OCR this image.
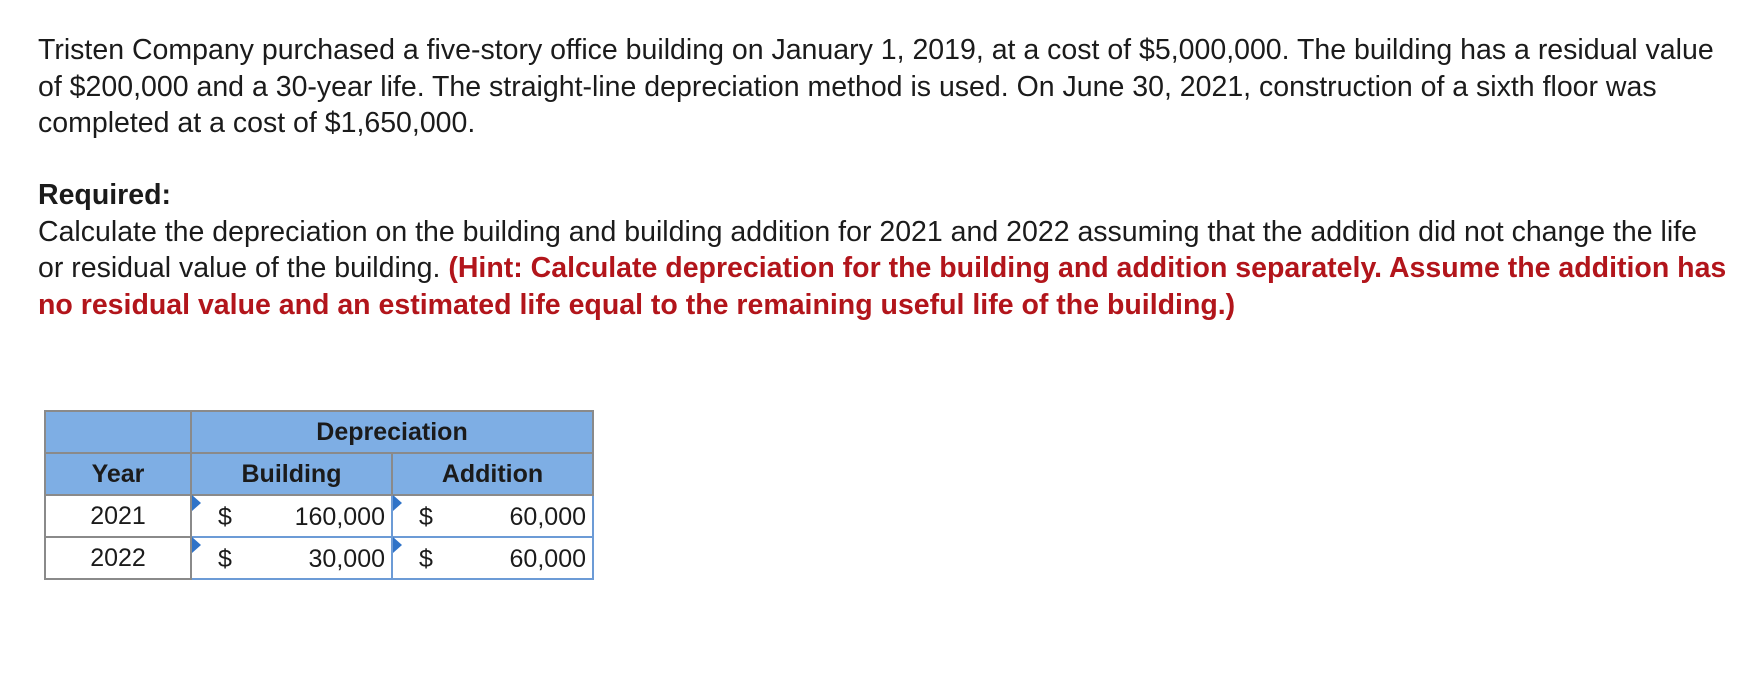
Tristen Company purchased a five-story office building on January 1, 2019, at a cost of $5,000,000. The building has a residual value of $200,000 and a 30-year life. The straight-line depreciation method is used. On June 30, 2021, construction of a sixth floor was completed at a cost of $1,650,000.

Required:
Calculate the depreciation on the building and building addition for 2021 and 2022 assuming that the addition did not change the life or residual value of the building. (Hint: Calculate depreciation for the building and addition separately. Assume the addition has no residual value and an estimated life equal to the remaining useful life of the building.)
	Depreciation	
Year	Building	Addition
2021	$ 160,000	$ 60,000

2022	$ 30,000	$ 60,000
